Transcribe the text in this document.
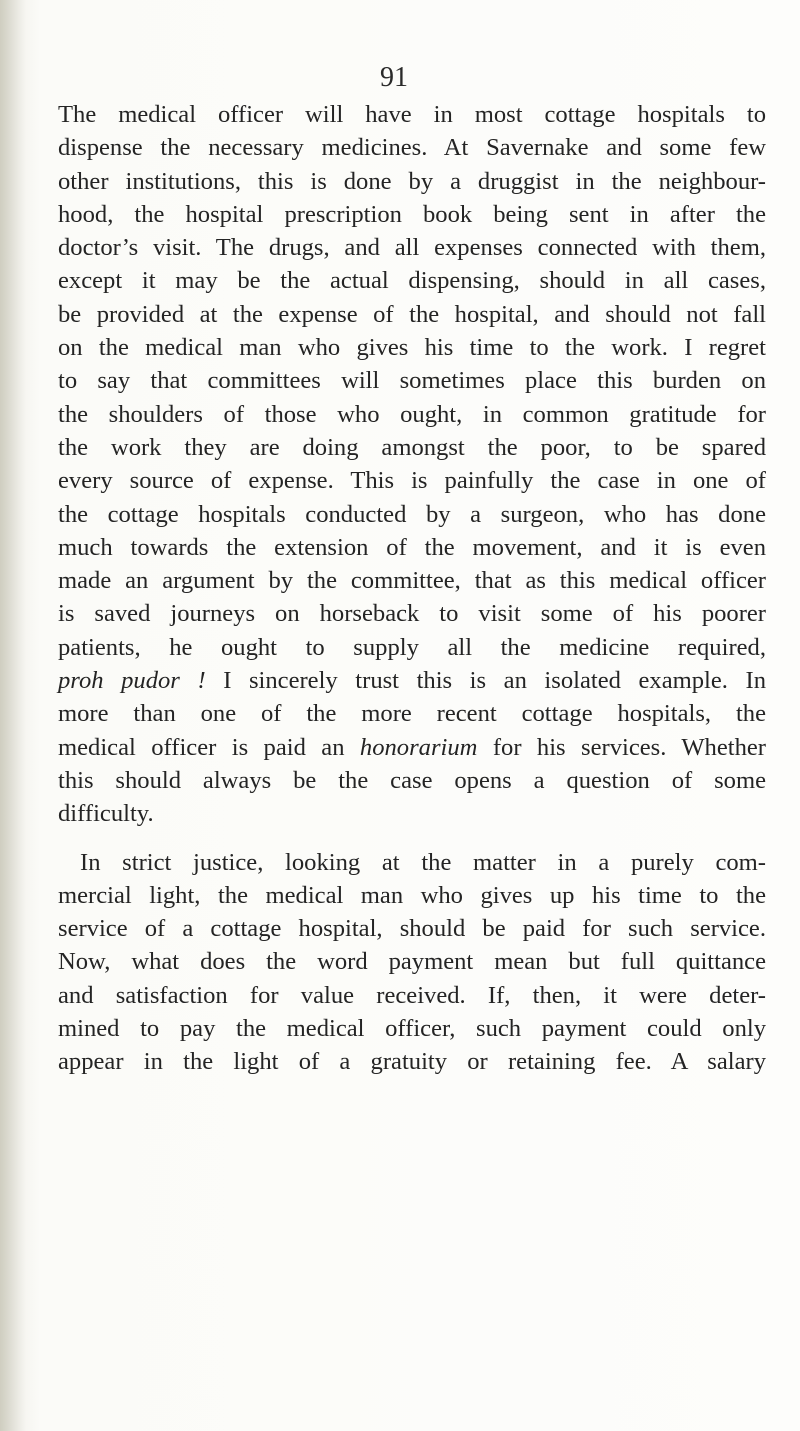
91

The medical officer will have in most cottage hospitals to
dispense the necessary medicines. At Savernake and some few
other institutions, this is done by a druggist in the neighbour-
hood, the hospital prescription book being sent in after the
doctor’s visit. The drugs, and all expenses connected with them,
except it may be the actual dispensing, should in all cases,
be provided at the expense of the hospital, and should not fall
on the medical man who gives his time to the work. I regret
to say that committees will sometimes place this burden on
the shoulders of those who ought, in common gratitude for
the work they are doing amongst the poor, to be spared
every source of expense. This is painfully the case in one of
the cottage hospitals conducted by a surgeon, who has done
much towards the extension of the movement, and it is even
made an argument by the committee, that as this medical officer
is saved journeys on horseback to visit some of his poorer
patients, he ought to supply all the medicine required,
proh pudor ! I sincerely trust this is an isolated example. In
more than one of the more recent cottage hospitals, the
medical officer is paid an honorarium for his services. Whether
this should always be the case opens a question of some
difficulty.

In strict justice, looking at the matter in a purely com-
mercial light, the medical man who gives up his time to the
service of a cottage hospital, should be paid for such service.
Now, what does the word payment mean but full quittance
and satisfaction for value received. If, then, it were deter-
mined to pay the medical officer, such payment could only
appear in the light of a gratuity or retaining fee. A salary
